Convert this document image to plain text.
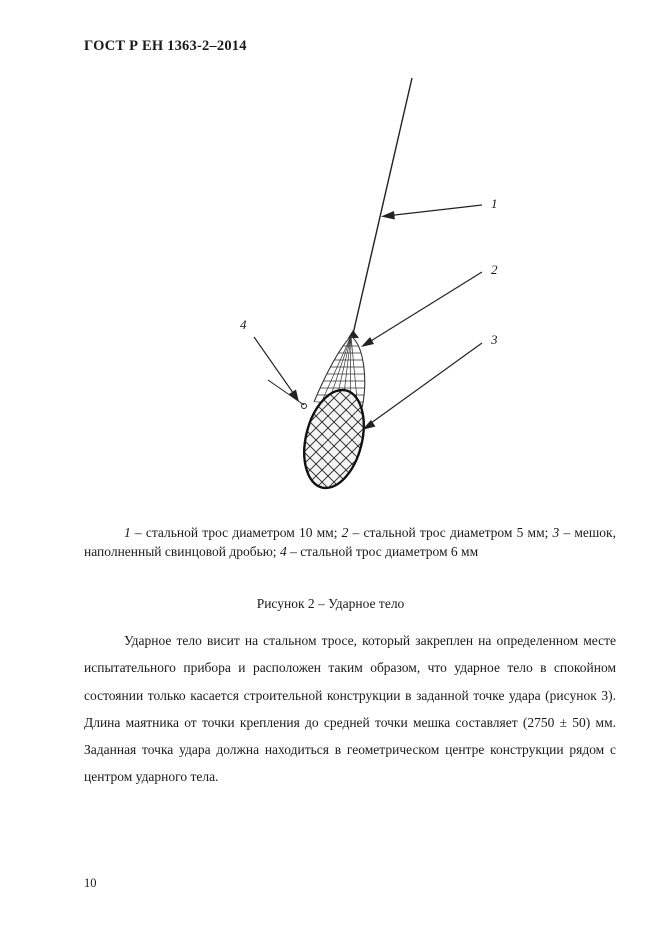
ГОСТ Р ЕН 1363-2–2014
1
2
3
4
1 – стальной трос диаметром 10 мм; 2 – стальной трос диаметром 5 мм; 3 – мешок, наполненный свинцовой дробью; 4 – стальной трос диаметром 6 мм
Рисунок 2 – Ударное тело

Ударное тело висит на стальном тросе, который закреплен на определенном месте испытательного прибора и расположен таким образом, что ударное тело в спокойном состоянии только касается строительной конструкции в заданной точке удара (рисунок 3). Длина маятника от точки крепления до средней точки мешка составляет (2750 ± 50) мм. Заданная точка удара должна находиться в геометрическом центре конструкции рядом с центром ударного тела.

10
